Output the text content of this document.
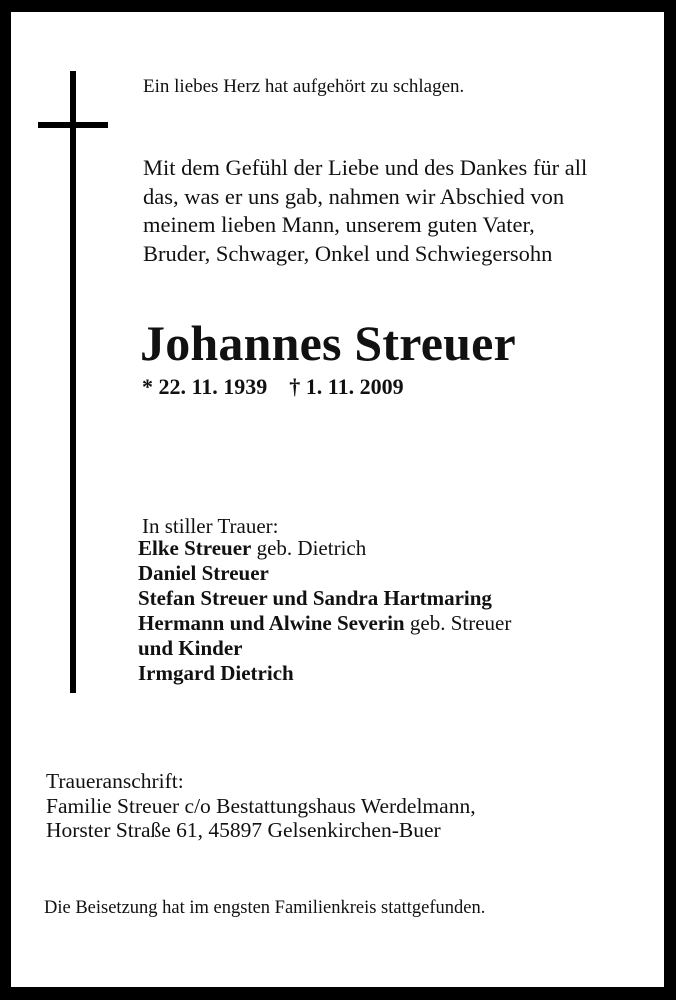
Ein liebes Herz hat aufgehört zu schlagen.
Mit dem Gefühl der Liebe und des Dankes für all
das, was er uns gab, nahmen wir Abschied von
meinem lieben Mann, unserem guten Vater,
Bruder, Schwager, Onkel und Schwiegersohn
Johannes Streuer
* 22. 11. 1939 † 1. 11. 2009
In stiller Trauer:
Elke Streuer geb. Dietrich
Daniel Streuer
Stefan Streuer und Sandra Hartmaring
Hermann und Alwine Severin geb. Streuer
und Kinder
Irmgard Dietrich
Traueranschrift:
Familie Streuer c/o Bestattungshaus Werdelmann,
Horster Straße 61, 45897 Gelsenkirchen-Buer
Die Beisetzung hat im engsten Familienkreis stattgefunden.
